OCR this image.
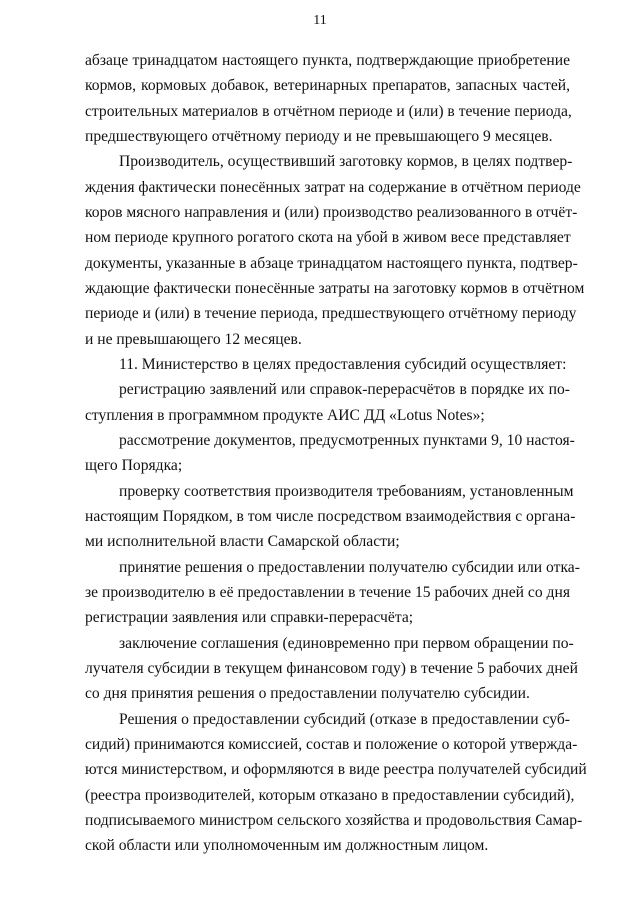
11
абзаце тринадцатом настоящего пункта, подтверждающие приобретение
кормов, кормовых добавок, ветеринарных препаратов, запасных частей,
строительных материалов в отчётном периоде и (или) в течение периода,
предшествующего отчётному периоду и не превышающего 9 месяцев.
Производитель, осуществивший заготовку кормов, в целях подтвер-
ждения фактически понесённых затрат на содержание в отчётном периоде
коров мясного направления и (или) производство реализованного в отчёт-
ном периоде крупного рогатого скота на убой в живом весе представляет
документы, указанные в абзаце тринадцатом настоящего пункта, подтвер-
ждающие фактически понесённые затраты на заготовку кормов в отчётном
периоде и (или) в течение периода, предшествующего отчётному периоду
и не превышающего 12 месяцев.
11. Министерство в целях предоставления субсидий осуществляет:
регистрацию заявлений или справок-перерасчётов в порядке их по-
ступления в программном продукте АИС ДД «Lotus Notes»;
рассмотрение документов, предусмотренных пунктами 9, 10 настоя-
щего Порядка;
проверку соответствия производителя требованиям, установленным
настоящим Порядком, в том числе посредством взаимодействия с органа-
ми исполнительной власти Самарской области;
принятие решения о предоставлении получателю субсидии или отка-
зе производителю в её предоставлении в течение 15 рабочих дней со дня
регистрации заявления или справки-перерасчёта;
заключение соглашения (единовременно при первом обращении по-
лучателя субсидии в текущем финансовом году) в течение 5 рабочих дней
со дня принятия решения о предоставлении получателю субсидии.
Решения о предоставлении субсидий (отказе в предоставлении суб-
сидий) принимаются комиссией, состав и положение о которой утвержда-
ются министерством, и оформляются в виде реестра получателей субсидий
(реестра производителей, которым отказано в предоставлении субсидий),
подписываемого министром сельского хозяйства и продовольствия Самар-
ской области или уполномоченным им должностным лицом.
